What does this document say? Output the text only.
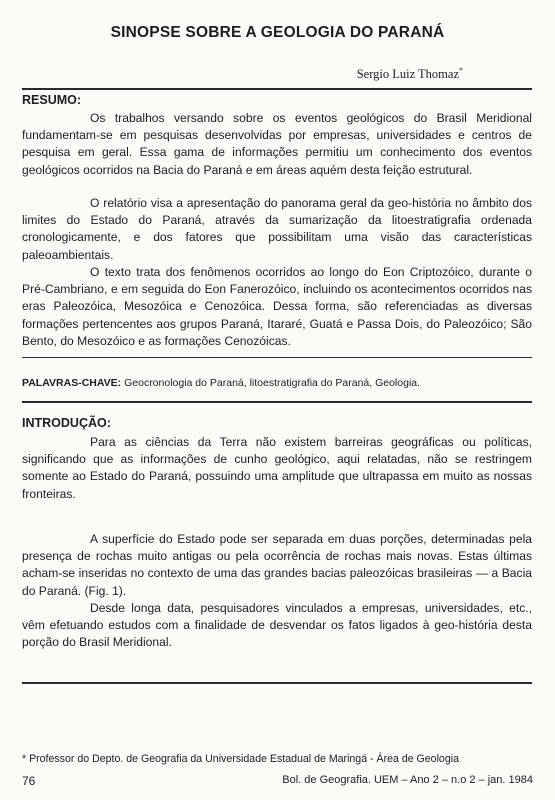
SINOPSE SOBRE A GEOLOGIA DO PARANÁ
Sergio Luiz Thomaz*
RESUMO:

Os trabalhos versando sobre os eventos geológicos do Brasil Meridional fundamentam-se em pesquisas desenvolvidas por empresas, universidades e centros de pesquisa em geral. Essa gama de informações permitiu um conhecimento dos eventos geológicos ocorridos na Bacia do Paraná e em áreas aquém desta feição estrutural.

O relatório visa a apresentação do panorama geral da geo-história no âmbito dos limites do Estado do Paraná, através da sumarização da litoestratigrafia ordenada cronologicamente, e dos fatores que possibilitam uma visão das características paleoambientais.

O texto trata dos fenômenos ocorridos ao longo do Eon Criptozóico, durante o Pré-Cambriano, e em seguida do Eon Fanerozóico, incluindo os acontecimentos ocorridos nas eras Paleozóica, Mesozóica e Cenozóica. Dessa forma, são referenciadas as diversas formações pertencentes aos grupos Paraná, Itararé, Guatá e Passa Dois, do Paleozóico; São Bento, do Mesozóico e as formações Cenozóicas.

PALAVRAS-CHAVE: Geocronologia do Paraná, litoestratigrafia do Paraná, Geologia.
INTRODUÇÃO:

Para as ciências da Terra não existem barreiras geográficas ou políticas, significando que as informações de cunho geológico, aqui relatadas, não se restringem somente ao Estado do Paraná, possuindo uma amplitude que ultrapassa em muito as nossas fronteiras.

A superfície do Estado pode ser separada em duas porções, determinadas pela presença de rochas muito antigas ou pela ocorrência de rochas mais novas. Estas últimas acham-se inseridas no contexto de uma das grandes bacias paleozóicas brasileiras — a Bacia do Paraná. (Fig. 1).

Desde longa data, pesquisadores vinculados a empresas, universidades, etc., vêm efetuando estudos com a finalidade de desvendar os fatos ligados à geo-história desta porção do Brasil Meridional.

* Professor do Depto. de Geografia da Universidade Estadual de Maringá - Área de Geologia
76	Bol. de Geografia. UEM – Ano 2 – n.o 2 – jan. 1984
